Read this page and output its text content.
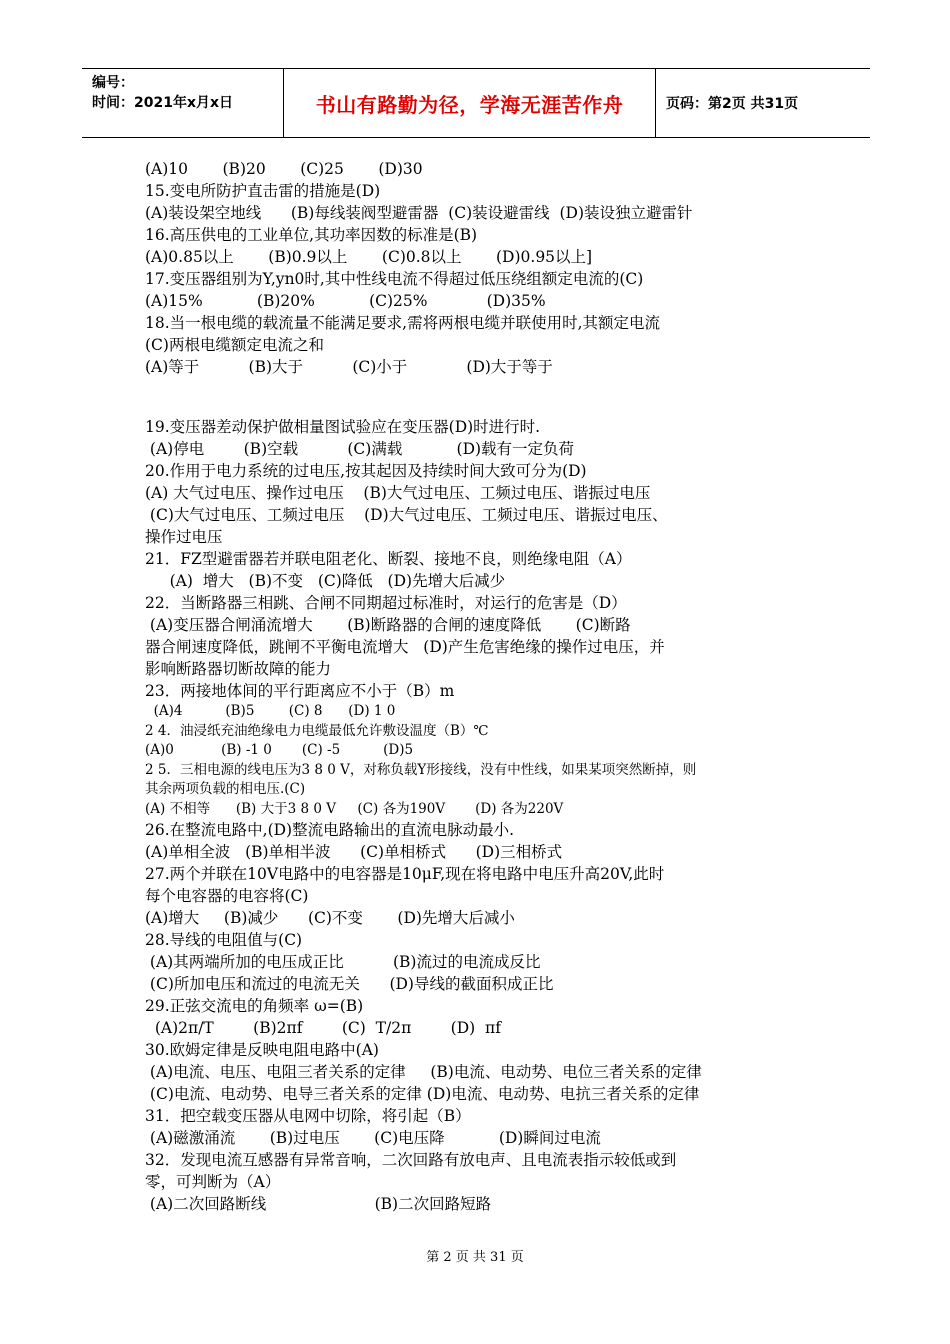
编号：
时间：2021年x月x日	书山有路勤为径，学海无涯苦作舟	页码：第2页 共31页
(A)10       (B)20       (C)25       (D)30
15.变电所防护直击雷的措施是(D)
(A)装设架空地线      (B)每线装阀型避雷器  (C)装设避雷线  (D)装设独立避雷针
16.高压供电的工业单位,其功率因数的标准是(B)
(A)0.85以上       (B)0.9以上       (C)0.8以上       (D)0.95以上]
17.变压器组别为Y,yn0时,其中性线电流不得超过低压绕组额定电流的(C)
(A)15%           (B)20%           (C)25%            (D)35%
18.当一根电缆的载流量不能满足要求,需将两根电缆并联使用时,其额定电流
(C)两根电缆额定电流之和
(A)等于          (B)大于          (C)小于            (D)大于等于
19.变压器差动保护做相量图试验应在变压器(D)时进行时.
(A)停电        (B)空载          (C)满载           (D)载有一定负荷
20.作用于电力系统的过电压,按其起因及持续时间大致可分为(D)
(A) 大气过电压、操作过电压    (B)大气过电压、工频过电压、谐振过电压
(C)大气过电压、工频过电压    (D)大气过电压、工频过电压、谐振过电压、
操作过电压
21．FZ型避雷器若并联电阻老化、断裂、接地不良，则绝缘电阻（A）
(A)  增大   (B)不变   (C)降低   (D)先增大后减少
22．当断路器三相跳、合闸不同期超过标准时，对运行的危害是（D）
(A)变压器合闸涌流增大       (B)断路器的合闸的速度降低       (C)断路
器合闸速度降低，跳闸不平衡电流增大   (D)产生危害绝缘的操作过电压，并
影响断路器切断故障的能力
23．两接地体间的平行距离应不小于（B）m
(A)4          (B)5        (C) 8      (D) 1 0
2 4．油浸纸充油绝缘电力电缆最低允许敷设温度（B）℃
(A)0           (B) -1 0       (C) -5          (D)5
2 5．三相电源的线电压为3 8 0 V，对称负载Y形接线，没有中性线，如果某项突然断掉，则
其余两项负载的相电压.(C)
(A) 不相等      (B) 大于3 8 0 V     (C) 各为190V       (D) 各为220V
26.在整流电路中,(D)整流电路输出的直流电脉动最小.
(A)单相全波   (B)单相半波      (C)单相桥式      (D)三相桥式
27.两个并联在10V电路中的电容器是10μF,现在将电路中电压升高20V,此时
每个电容器的电容将(C)
(A)增大     (B)减少      (C)不变       (D)先增大后减小
28.导线的电阻值与(C)
(A)其两端所加的电压成正比          (B)流过的电流成反比
(C)所加电压和流过的电流无关      (D)导线的截面积成正比
29.正弦交流电的角频率 ω=(B)
(A)2π/T        (B)2πf        (C)  T/2π        (D)  πf
30.欧姆定律是反映电阻电路中(A)
(A)电流、电压、电阻三者关系的定律     (B)电流、电动势、电位三者关系的定律
(C)电流、电动势、电导三者关系的定律 (D)电流、电动势、电抗三者关系的定律
31．把空载变压器从电网中切除，将引起（B）
(A)磁激涌流       (B)过电压       (C)电压降           (D)瞬间过电流
32．发现电流互感器有异常音响，二次回路有放电声、且电流表指示较低或到
零，可判断为（A）
(A)二次回路断线                      (B)二次回路短路
第 2 页 共 31 页
